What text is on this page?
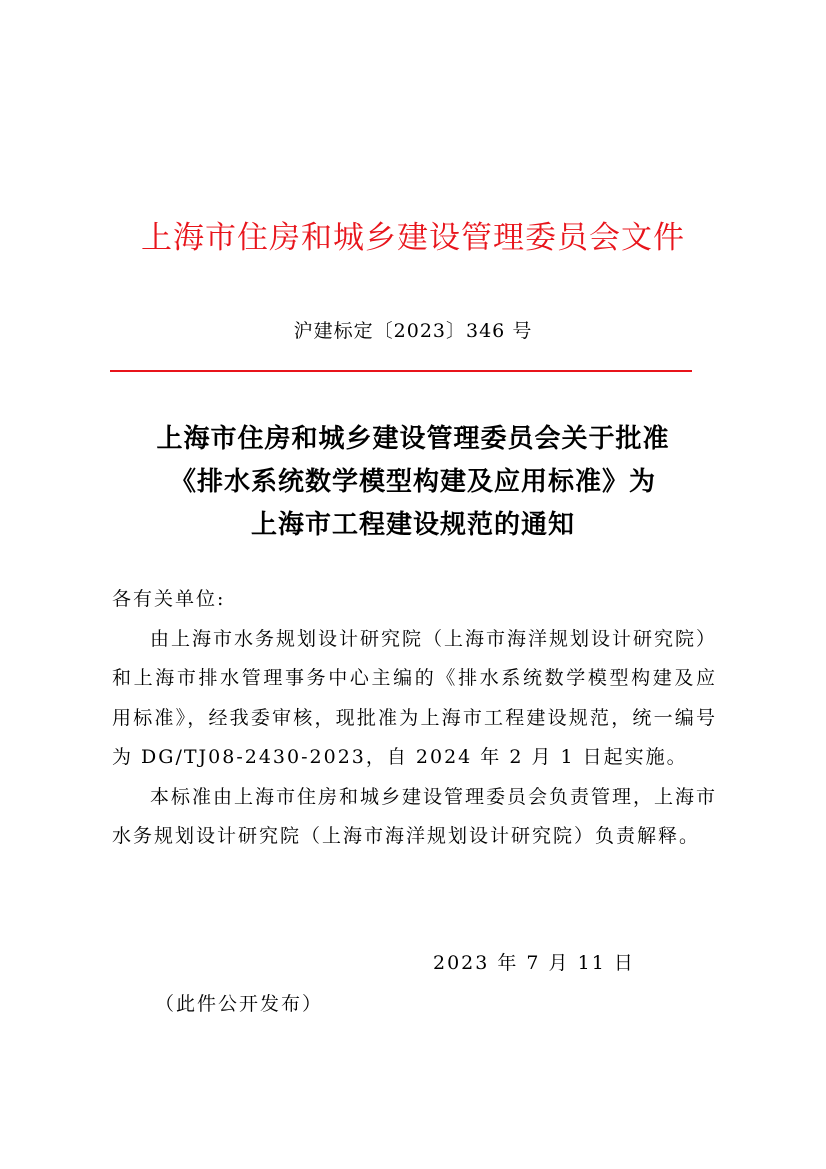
上海市住房和城乡建设管理委员会文件
沪建标定〔2023〕346 号
上海市住房和城乡建设管理委员会关于批准
《排水系统数学模型构建及应用标准》为
上海市工程建设规范的通知

各有关单位:

由上海市水务规划设计研究院（上海市海洋规划设计研究院）和上海市排水管理事务中心主编的《排水系统数学模型构建及应用标准》，经我委审核，现批准为上海市工程建设规范，统一编号为 DG/TJ08-2430-2023，自 2024 年 2 月 1 日起实施。

本标准由上海市住房和城乡建设管理委员会负责管理，上海市水务规划设计研究院（上海市海洋规划设计研究院）负责解释。

2023 年 7 月 11 日
（此件公开发布）
